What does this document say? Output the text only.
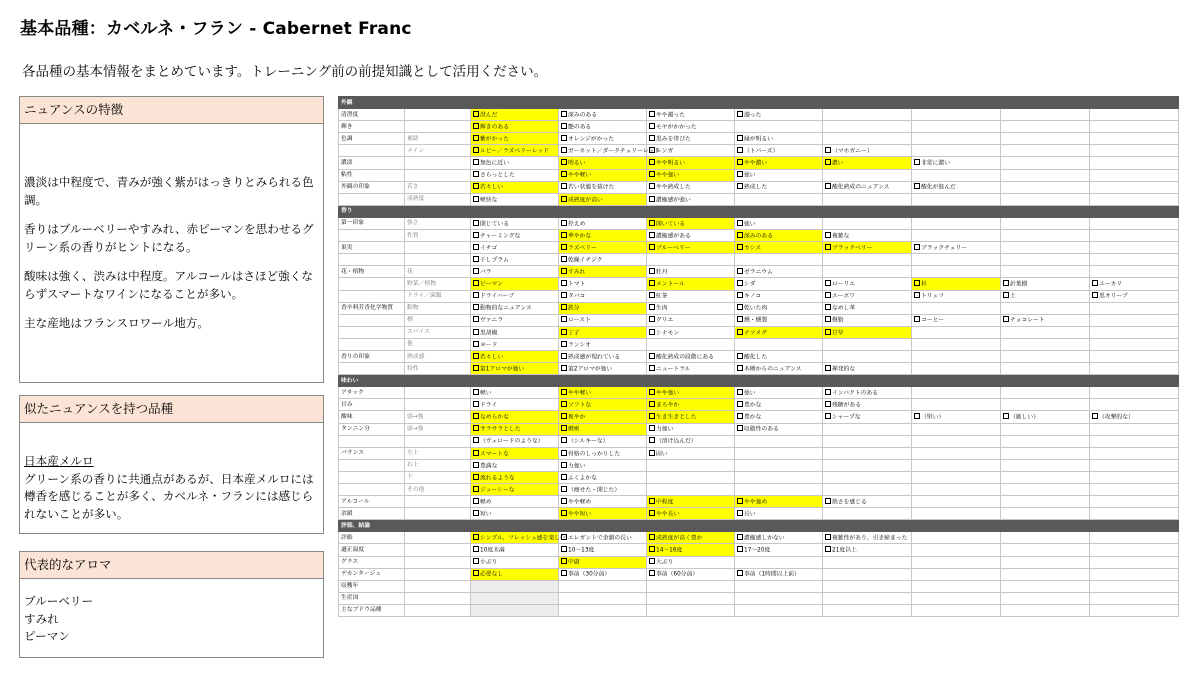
基本品種：カベルネ・フラン - Cabernet Franc
各品種の基本情報をまとめています。トレーニング前の前提知識として活用ください。
ニュアンスの特徴

濃淡は中程度で、青みが強く紫がはっきりとみられる色調。

香りはブルーベリーやすみれ、赤ピーマンを思わせるグリーン系の香りがヒントになる。

酸味は強く、渋みは中程度。アルコールはさほど強くならずスマートなワインになることが多い。

主な産地はフランスロワール地方。

似たニュアンスを持つ品種
日本産メルロ
グリーン系の香りに共通点があるが、日本産メルロには樽香を感じることが多く、カベルネ・フランには感じられないことが多い。
代表的なアロマ
ブルーベリー
すみれ
ピーマン
外観									
清澄度		澄んだ	深みのある	やや濁った	濁った				
輝き		輝きのある	艶のある	モヤがかかった					
色調	補助	紫がかった	オレンジがかった	黒みを帯びた	縁が明るい				
	メイン	ルビー／ラズベリーレッド	ガーネット／ダークチェリーレッド	レンガ	（トパーズ）	（マホガニー）			
濃淡		無色に近い	明るい	やや明るい	やや濃い	濃い	非常に濃い		
粘性		さらっとした	やや軽い	やや強い	強い				
外観の印象	若さ	若々しい	若い状態を抜けた	やや熟成した	熟成した	酸化熟成のニュアンス	酸化が進んだ		
	成熟度	軽快な	成熟度が高い	濃縮感が強い					
香り									
第一印象	強さ	閉じている	控えめ	開いている	強い				
	性質	チャーミングな	華やかな	濃縮感がある	深みのある	複雑な			
果実		イチゴ	ラズベリー	ブルーベリー	カシス	ブラックベリー	ブラックチェリー		
		干しプラム	乾燥イチジク						
花・植物	花	バラ	すみれ	牡丹	ゼラニウム				
	野菜／植物	ピーマン	トマト	メントール	シダ	ローリエ	杉	針葉樹	ユーカリ
	ドライ／菌類	ドライハーブ	タバコ	紅茶	キノコ	スーボワ	トリュフ	土	黒オリーブ
香辛料芳香化学物質	動物	動物的なニュアンス	鉄分	生肉	乾いた肉	なめし革			
	樽	ヴァニラ	ロースト	グリエ	燻・燻製	樹脂	コーヒー	チョコレート	
	スパイス	黒胡椒	丁子	シナモン	ナツメグ	甘草			
	他	ヨード	ランシオ						
香りの印象	熟成感	若々しい	熟成感が現れている	酸化熟成の段階にある	酸化した				
	特性	第1アロマが強い	第2アロマが強い	ニュートラル	木樽からのニュアンス	揮発的な			
味わい									
アタック		軽い	やや軽い	やや強い	強い	インパクトのある			
甘み		ドライ	ソフトな	まろやか	豊かな	残糖がある			
酸味	弱→強	なめらかな	爽やか	生き生きとした	豊かな	シャープな	（堅い）	（厳しい）	（攻撃的な）
タンニン分	弱→強	サラサラとした	緻密	力強い	収斂性のある				
		（ヴェロードのような）	（シルキーな）	（溶け込んだ）					
バランス	左上	スマートな	骨格のしっかりした	固い					
	右上	豊満な	力強い						
	下	流れるような	ふくよかな						
	その他	ジューシーな	（痩せた・閉じた）						
アルコール		軽め	やや軽め	中程度	やや強め	熱さを感じる			
余韻		短い	やや短い	やや長い	長い				
評価、結論									
評価		シンプル、フレッシュ感を楽しむ	エレガントで余韻の長い	成熟度が高く豊か	濃縮感しかない	複雑性があり、引き締まった			
適正温度		10度未満	10～13度	14～16度	17～20度	21度以上			
グラス		小ぶり	中庸	大ぶり					
デカンタージュ		必要なし	事前（30分前）	事前（60分前）	事前（1時間以上前）				
収穫年									
生産国									
主なブドウ品種									
